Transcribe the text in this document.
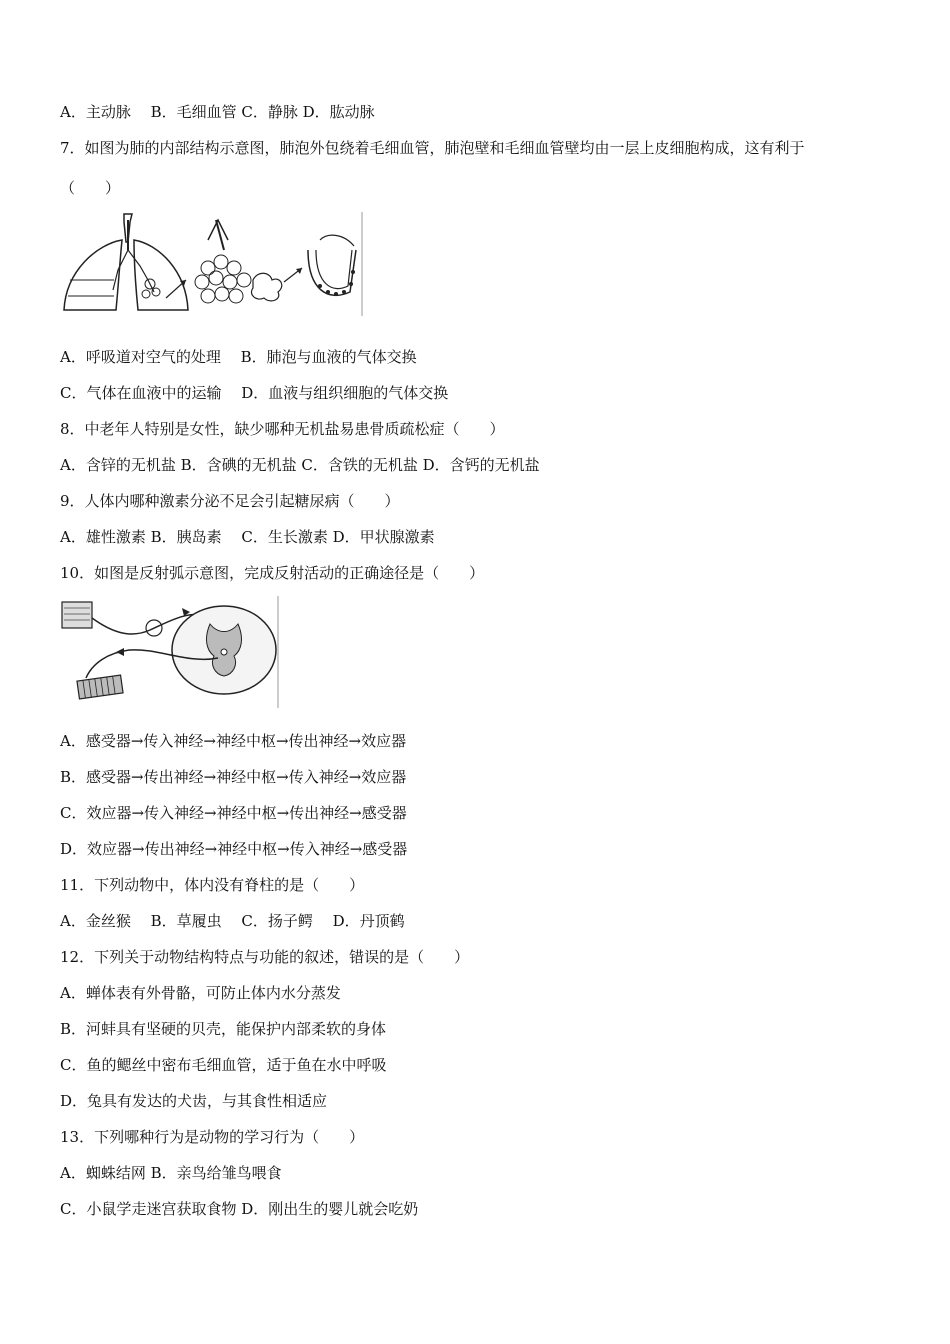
A．主动脉　 B．毛细血管 C．静脉 D．肱动脉
7．如图为肺的内部结构示意图，肺泡外包绕着毛细血管，肺泡壁和毛细血管壁均由一层上皮细胞构成，这有利于
（　　）
A．呼吸道对空气的处理　 B．肺泡与血液的气体交换
C．气体在血液中的运输　 D．血液与组织细胞的气体交换
8．中老年人特别是女性，缺少哪种无机盐易患骨质疏松症（　　）
A．含锌的无机盐 B．含碘的无机盐 C．含铁的无机盐 D．含钙的无机盐
9．人体内哪种激素分泌不足会引起糖尿病（　　）
A．雄性激素 B．胰岛素　 C．生长激素 D．甲状腺激素
10．如图是反射弧示意图，完成反射活动的正确途径是（　　）
A．感受器→传入神经→神经中枢→传出神经→效应器
B．感受器→传出神经→神经中枢→传入神经→效应器
C．效应器→传入神经→神经中枢→传出神经→感受器
D．效应器→传出神经→神经中枢→传入神经→感受器
11．下列动物中，体内没有脊柱的是（　　）
A．金丝猴　 B．草履虫　 C．扬子鳄　 D．丹顶鹤
12．下列关于动物结构特点与功能的叙述，错误的是（　　）
A．蝉体表有外骨骼，可防止体内水分蒸发
B．河蚌具有坚硬的贝壳，能保护内部柔软的身体
C．鱼的鳃丝中密布毛细血管，适于鱼在水中呼吸
D．兔具有发达的犬齿，与其食性相适应
13．下列哪种行为是动物的学习行为（　　）
A．蜘蛛结网 B．亲鸟给雏鸟喂食
C．小鼠学走迷宫获取食物 D．刚出生的婴儿就会吃奶
